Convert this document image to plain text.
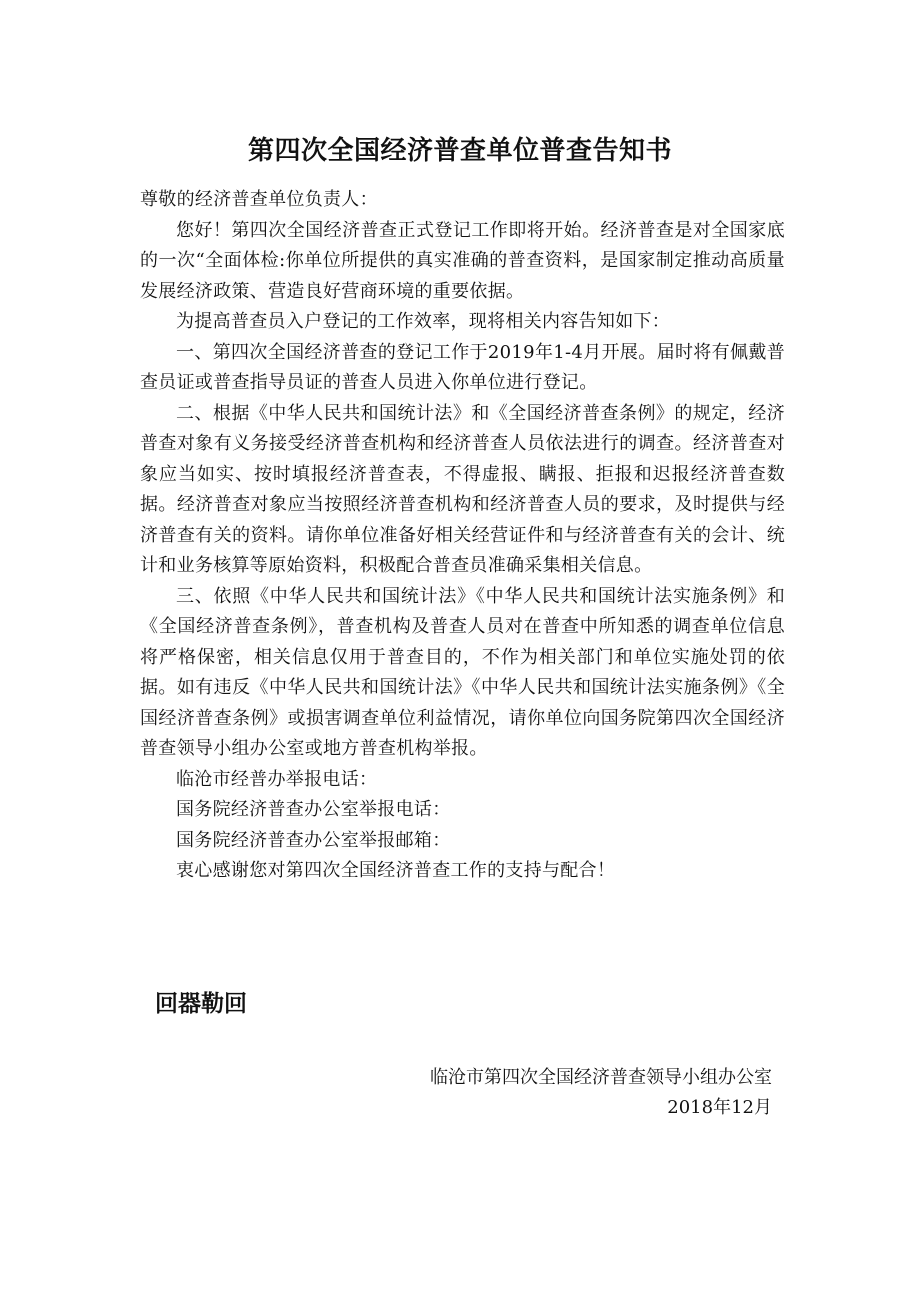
第四次全国经济普查单位普查告知书

尊敬的经济普查单位负责人：

您好！第四次全国经济普查正式登记工作即将开始。经济普查是对全国家底的一次“全面体检:你单位所提供的真实准确的普查资料，是国家制定推动高质量发展经济政策、营造良好营商环境的重要依据。

为提高普查员入户登记的工作效率，现将相关内容告知如下：

一、第四次全国经济普查的登记工作于2019年1-4月开展。届时将有佩戴普查员证或普查指导员证的普查人员进入你单位进行登记。

二、根据《中华人民共和国统计法》和《全国经济普查条例》的规定，经济普查对象有义务接受经济普查机构和经济普查人员依法进行的调查。经济普查对象应当如实、按时填报经济普查表，不得虚报、瞒报、拒报和迟报经济普查数据。经济普查对象应当按照经济普查机构和经济普查人员的要求，及时提供与经济普查有关的资料。请你单位准备好相关经营证件和与经济普查有关的会计、统计和业务核算等原始资料，积极配合普查员准确采集相关信息。

三、依照《中华人民共和国统计法》《中华人民共和国统计法实施条例》和《全国经济普查条例》，普查机构及普查人员对在普查中所知悉的调查单位信息将严格保密，相关信息仅用于普查目的，不作为相关部门和单位实施处罚的依据。如有违反《中华人民共和国统计法》《中华人民共和国统计法实施条例》《全国经济普查条例》或损害调查单位利益情况，请你单位向国务院第四次全国经济普查领导小组办公室或地方普查机构举报。

临沧市经普办举报电话：

国务院经济普查办公室举报电话：

国务院经济普查办公室举报邮箱：

衷心感谢您对第四次全国经济普查工作的支持与配合！

回器勒回
临沧市第四次全国经济普查领导小组办公室
2018年12月
